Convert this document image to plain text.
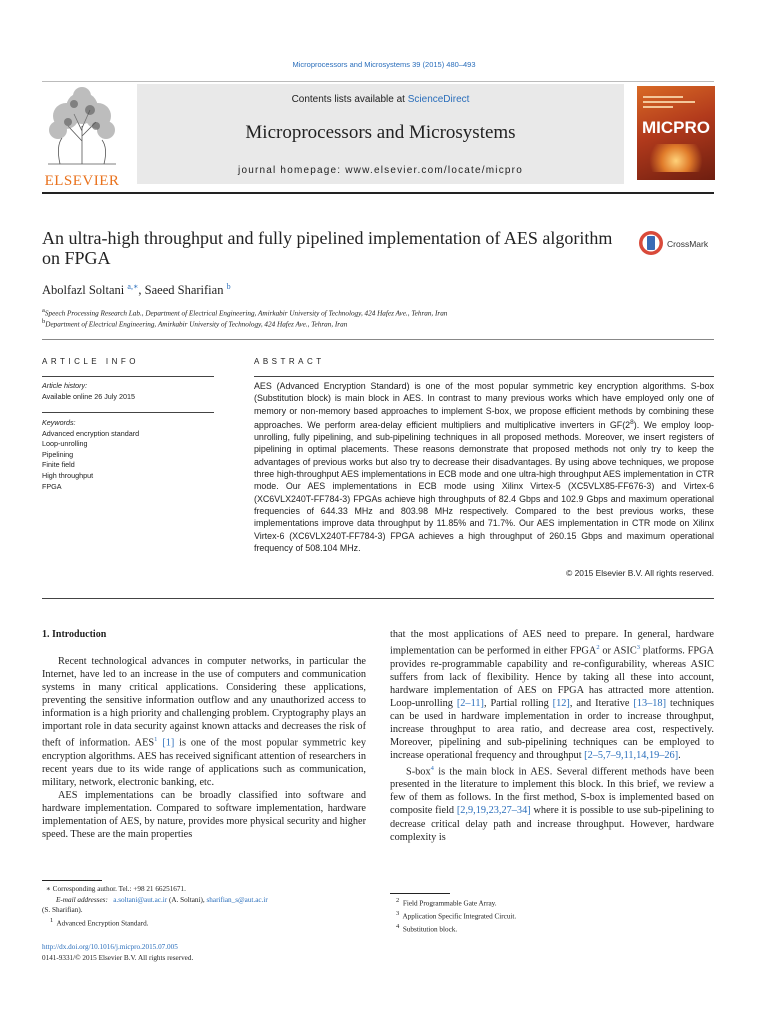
Microprocessors and Microsystems 39 (2015) 480–493
ELSEVIER
Contents lists available at ScienceDirect
Microprocessors and Microsystems
journal homepage: www.elsevier.com/locate/micpro
MICPRO
An ultra-high throughput and fully pipelined implementation of AES algorithm on FPGA
CrossMark
Abolfazl Soltani $^{a,∗}$, Saeed Sharifian $^b$
$^a$Speech Processing Research Lab., Department of Electrical Engineering, Amirkabir University of Technology, 424 Hafez Ave., Tehran, Iran
$^b$Department of Electrical Engineering, Amirkabir University of Technology, 424 Hafez Ave., Tehran, Iran
ARTICLE INFO
Article history:
Available online 26 July 2015
Keywords:
Advanced encryption standard
Loop-unrolling
Pipelining
Finite field
High throughput
FPGA
ABSTRACT
AES (Advanced Encryption Standard) is one of the most popular symmetric key encryption algorithms. S-box (Substitution block) is main block in AES. In contrast to many previous works which have employed only one of memory or non-memory based approaches to implement S-box, we propose efficient methods by combining these approaches. We perform area-delay efficient multipliers and multiplicative inverters in $GF(2^8)$. We employ loop-unrolling, fully pipelining, and sub-pipelining techniques in all proposed methods. Moreover, we insert registers of pipelining in optimal placements. These reasons demonstrate that proposed methods not only try to keep the advantages of previous works but also try to decrease their disadvantages. By using above techniques, we propose three high-throughput AES implementations in ECB mode and one ultra-high throughput AES implementation in CTR mode. Our AES implementations in ECB mode using Xilinx Virtex-5 (XC5VLX85-FF676-3) and Virtex-6 (XC6VLX240T-FF784-3) FPGAs achieve high throughputs of 82.4 Gbps and 102.9 Gbps and maximum operational frequencies of 644.33 MHz and 803.98 MHz respectively. Compared to the best previous works, these implementations improve data throughput by 11.85% and 71.7%. Our AES implementation in CTR mode on Xilinx Virtex-6 (XC6VLX240T-FF784-3) FPGA achieves a high throughput of 260.15 Gbps and maximum operational frequency of 508.104 MHz.
© 2015 Elsevier B.V. All rights reserved.
1. Introduction

Recent technological advances in computer networks, in particular the Internet, have led to an increase in the use of computers and communication systems in many critical applications. Considering these applications, preventing the sensitive information outflow and any unauthorized access to information is a high priority and challenging problem. Cryptography plays an important role in data security against known attacks and decreases the risk of theft of information. AES$^1$ [1] is one of the most popular symmetric key encryption algorithms. AES has received significant attention of researchers in recent years due to its wide range of applications such as communication, military, network, electronic banking, etc.

AES implementations can be broadly classified into software and hardware implementation. Compared to software implementation, hardware implementation of AES, by nature, provides more physical security and higher speed. These are the main properties

that the most applications of AES need to prepare. In general, hardware implementation can be performed in either FPGA$^2$ or ASIC$^3$ platforms. FPGA provides re-programmable capability and re-configurability, whereas ASIC suffers from lack of flexibility. Hence by taking all these into account, hardware implementation of AES on FPGA has attracted more attention. Loop-unrolling [2–11], Partial rolling [12], and Iterative [13–18] techniques can be used in hardware implementation in order to increase throughput, increase throughput to area ratio, and decrease area cost, respectively. Moreover, pipelining and sub-pipelining techniques can be employed to increase operational frequency and throughput [2–5,7–9,11,14,19–26].

S-box$^4$ is the main block in AES. Several different methods have been presented in the literature to implement this block. In this brief, we review a few of them as follows. In the first method, S-box is implemented based on composite field [2,9,19,23,27–34] where it is possible to use sub-pipelining to decrease critical delay path and increase throughput. However, hardware complexity is

∗ Corresponding author. Tel.: +98 21 66251671.
E-mail addresses: a.soltani@aut.ac.ir (A. Soltani), sharifian_s@aut.ac.ir
(S. Sharifian).
$^1$ Advanced Encryption Standard.
http://dx.doi.org/10.1016/j.micpro.2015.07.005
0141-9331/© 2015 Elsevier B.V. All rights reserved.
$^2$ Field Programmable Gate Array.
$^3$ Application Specific Integrated Circuit.
$^4$ Substitution block.
